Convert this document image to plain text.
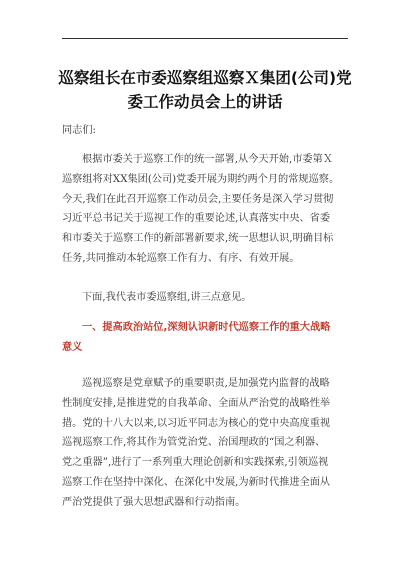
巡察组长在市委巡察组巡察Ｘ集团(公司)党
委工作动员会上的讲话

同志们:

根据市委关于巡察工作的统一部署,从今天开始,市委第Ｘ
巡察组将对XX集团(公司)党委开展为期约两个月的常规巡察。
今天,我们在此召开巡察工作动员会,主要任务是深入学习贯彻
习近平总书记关于巡视工作的重要论述,认真落实中央、省委
和市委关于巡察工作的新部署新要求,统一思想认识,明确目标
任务,共同推动本轮巡察工作有力、有序、有效开展。

下面,我代表市委巡察组,讲三点意见。

一、提高政治站位,深刻认识新时代巡察工作的重大战略
意义

巡视巡察是党章赋予的重要职责,是加强党内监督的战略
性制度安排,是推进党的自我革命、全面从严治党的战略性举
措。党的十八大以来,以习近平同志为核心的党中央高度重视
巡视巡察工作,将其作为管党治党、治国理政的“国之利器、
党之重器”,进行了一系列重大理论创新和实践探索,引领巡视
巡察工作在坚持中深化、在深化中发展,为新时代推进全面从
严治党提供了强大思想武器和行动指南。
